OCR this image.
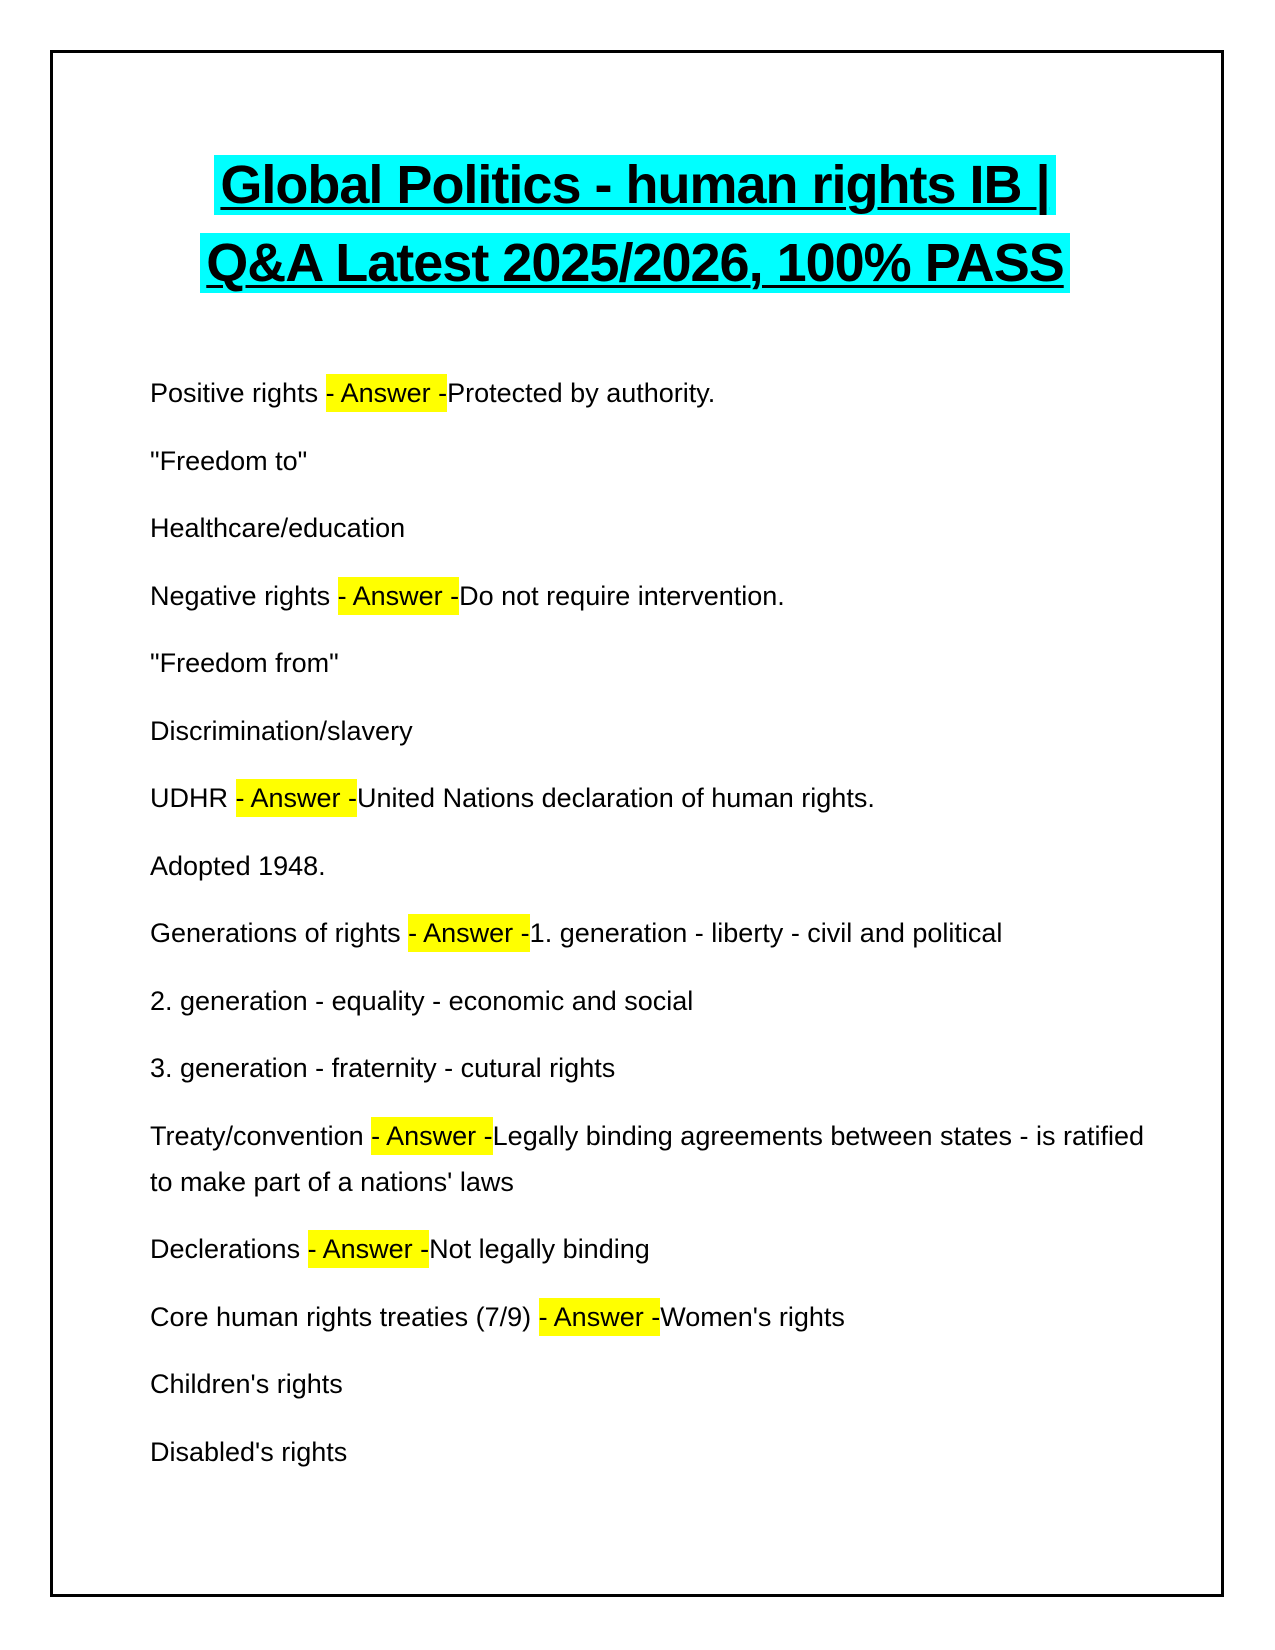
Global Politics - human rights IB |
Q&A Latest 2025/2026, 100% PASS

Positive rights - Answer -Protected by authority.

"Freedom to"

Healthcare/education

Negative rights - Answer -Do not require intervention.

"Freedom from"

Discrimination/slavery

UDHR - Answer -United Nations declaration of human rights.

Adopted 1948.

Generations of rights - Answer -1. generation - liberty - civil and political

2. generation - equality - economic and social

3. generation - fraternity - cutural rights

Treaty/convention - Answer -Legally binding agreements between states - is ratified to make part of a nations' laws

Declerations - Answer -Not legally binding

Core human rights treaties (7/9) - Answer -Women's rights

Children's rights

Disabled's rights
